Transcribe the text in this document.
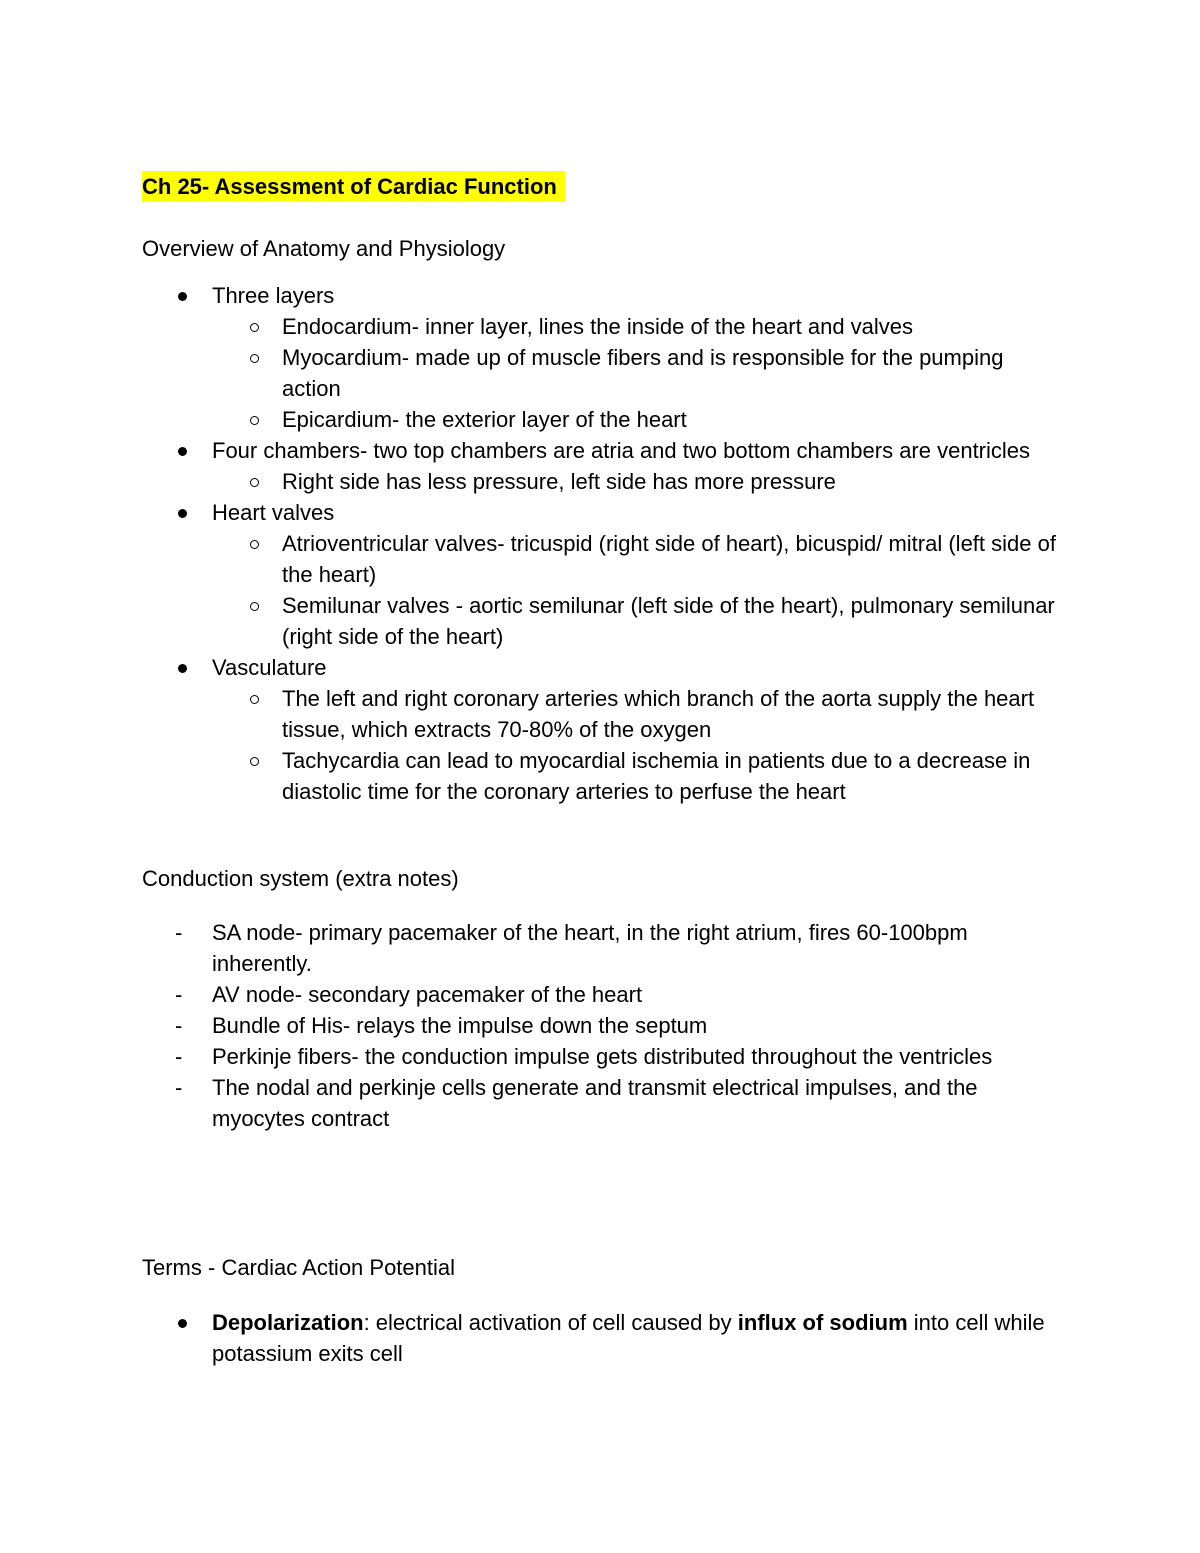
Ch 25- Assessment of Cardiac Function
Overview of Anatomy and Physiology
Three layers
Endocardium- inner layer, lines the inside of the heart and valves
Myocardium- made up of muscle fibers and is responsible for the pumping action
Epicardium- the exterior layer of the heart
Four chambers- two top chambers are atria and two bottom chambers are ventricles
Right side has less pressure, left side has more pressure
Heart valves
Atrioventricular valves- tricuspid (right side of heart), bicuspid/ mitral (left side of the heart)
Semilunar valves - aortic semilunar (left side of the heart), pulmonary semilunar (right side of the heart)
Vasculature
The left and right coronary arteries which branch of the aorta supply the heart tissue, which extracts 70-80% of the oxygen
Tachycardia can lead to myocardial ischemia in patients due to a decrease in diastolic time for the coronary arteries to perfuse the heart
Conduction system (extra notes)
- SA node- primary pacemaker of the heart, in the right atrium, fires 60-100bpm inherently.
- AV node- secondary pacemaker of the heart
- Bundle of His- relays the impulse down the septum
- Perkinje fibers- the conduction impulse gets distributed throughout the ventricles
- The nodal and perkinje cells generate and transmit electrical impulses, and the myocytes contract
Terms - Cardiac Action Potential
Depolarization: electrical activation of cell caused by influx of sodium into cell while potassium exits cell
